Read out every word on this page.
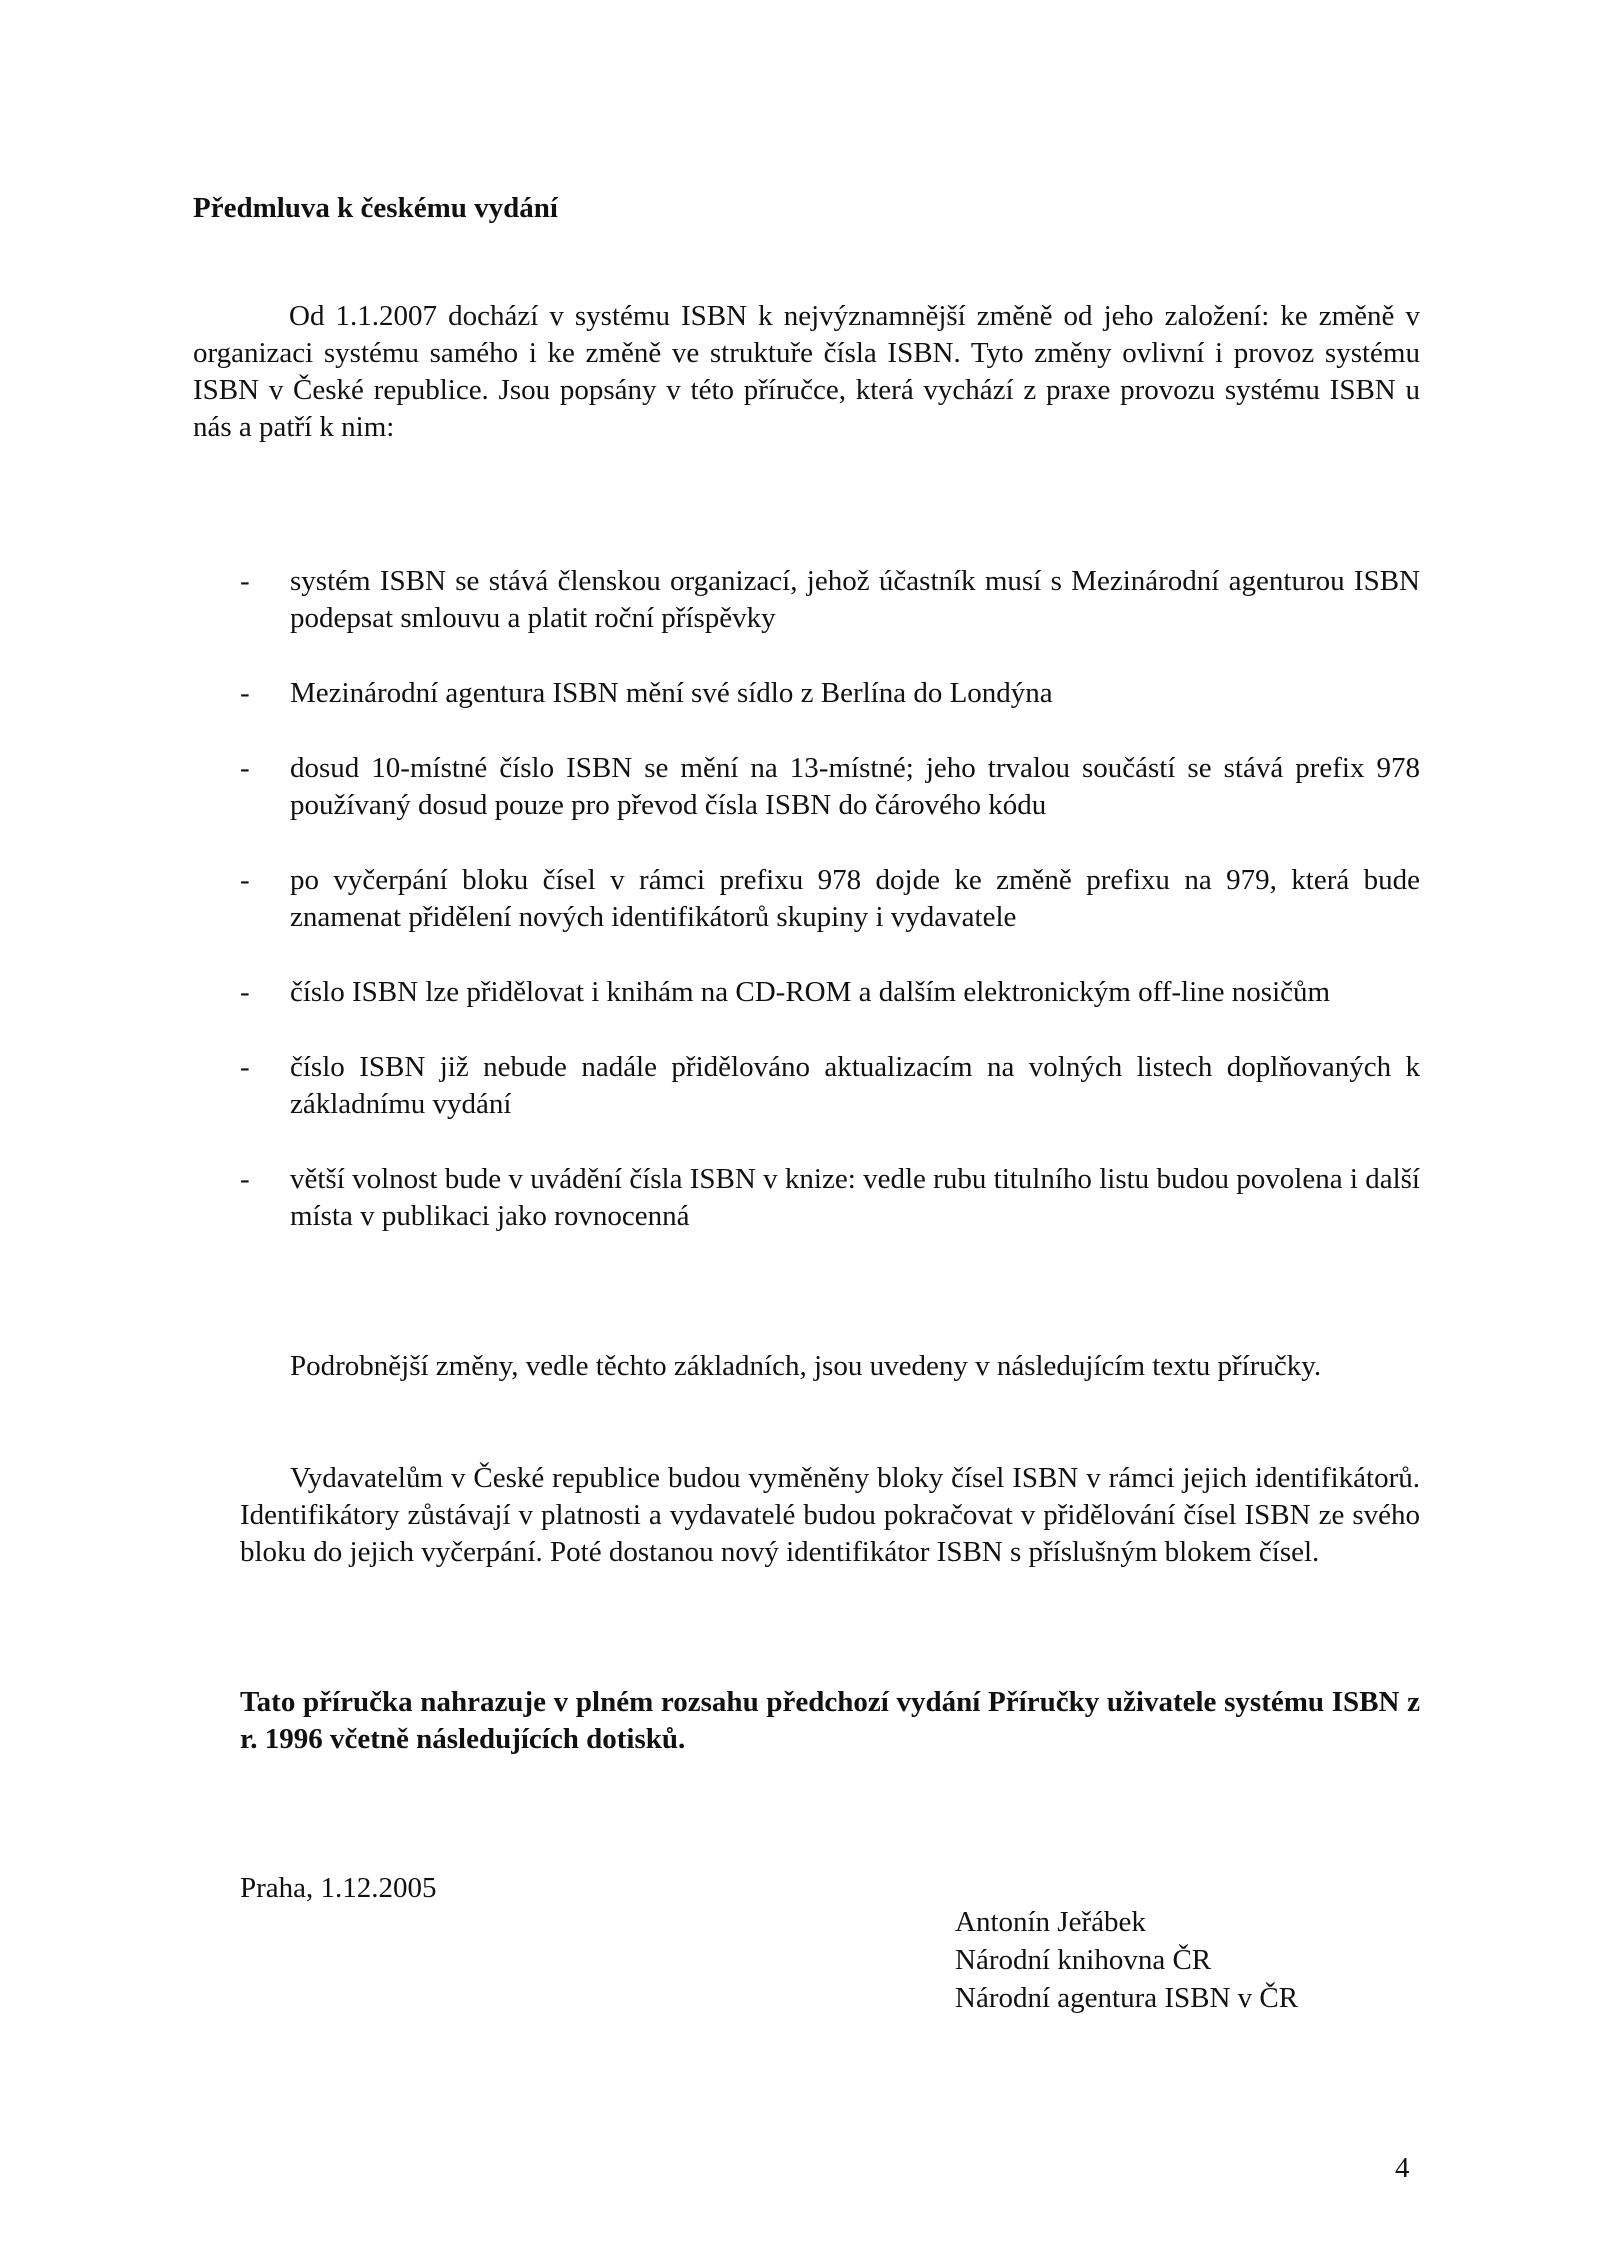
Předmluva k českému vydání

Od 1.1.2007 dochází v systému ISBN k nejvýznamnější změně od jeho založení: ke změně v organizaci systému samého i ke změně ve struktuře čísla ISBN. Tyto změny ovlivní i provoz systému ISBN v České republice. Jsou popsány v této příručce, která vychází z praxe provozu systému ISBN u nás a patří k nim:

- systém ISBN se stává členskou organizací, jehož účastník musí s Mezinárodní agenturou ISBN podepsat smlouvu a platit roční příspěvky
- Mezinárodní agentura ISBN mění své sídlo z Berlína do Londýna
- dosud 10-místné číslo ISBN se mění na 13-místné; jeho trvalou součástí se stává prefix 978 používaný dosud pouze pro převod čísla ISBN do čárového kódu
- po vyčerpání bloku čísel v rámci prefixu 978 dojde ke změně prefixu na 979, která bude znamenat přidělení nových identifikátorů skupiny i vydavatele
- číslo ISBN lze přidělovat i knihám na CD-ROM a dalším elektronickým off-line nosičům
- číslo ISBN již nebude nadále přidělováno aktualizacím na volných listech doplňovaných k základnímu vydání
- větší volnost bude v uvádění čísla ISBN v knize: vedle rubu titulního listu budou povolena i další místa v publikaci jako rovnocenná

Podrobnější změny, vedle těchto základních, jsou uvedeny v následujícím textu příručky.

Vydavatelům v České republice budou vyměněny bloky čísel ISBN v rámci jejich identifikátorů. Identifikátory zůstávají v platnosti a vydavatelé budou pokračovat v přidělování čísel ISBN ze svého bloku do jejich vyčerpání. Poté dostanou nový identifikátor ISBN s příslušným blokem čísel.

Tato příručka nahrazuje v plném rozsahu předchozí vydání Příručky uživatele systému ISBN z r. 1996 včetně následujících dotisků.

Praha, 1.12.2005
Antonín Jeřábek
Národní knihovna ČR
Národní agentura ISBN v ČR
4
